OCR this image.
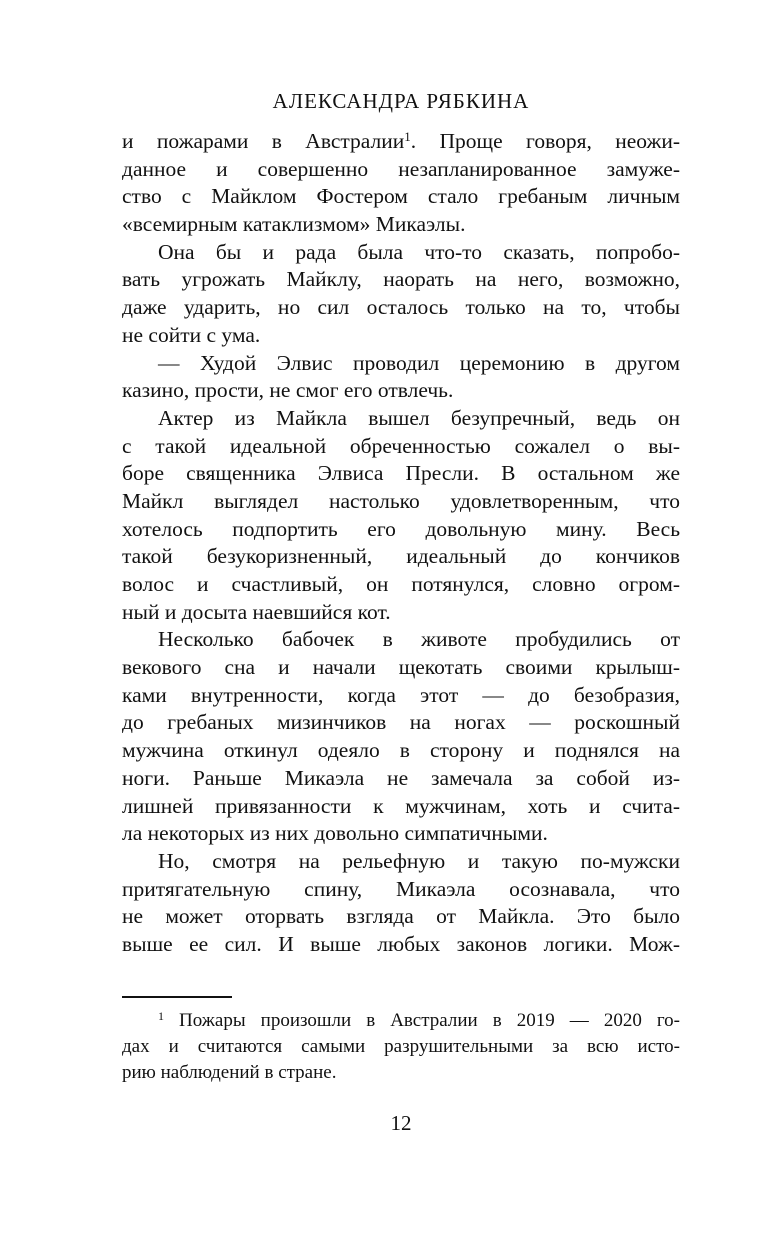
АЛЕКСАНДРА РЯБКИНА
и пожарами в Австралии$^1$. Проще говоря, неожи-
данное и совершенно незапланированное замуже-
ство с Майклом Фостером стало гребаным личным
«всемирным катаклизмом» Микаэлы.
Она бы и рада была что-то сказать, попробо-
вать угрожать Майклу, наорать на него, возможно,
даже ударить, но сил осталось только на то, чтобы
не сойти с ума.
— Худой Элвис проводил церемонию в другом
казино, прости, не смог его отвлечь.
Актер из Майкла вышел безупречный, ведь он
с такой идеальной обреченностью сожалел о вы-
боре священника Элвиса Пресли. В остальном же
Майкл выглядел настолько удовлетворенным, что
хотелось подпортить его довольную мину. Весь
такой безукоризненный, идеальный до кончиков
волос и счастливый, он потянулся, словно огром-
ный и досыта наевшийся кот.
Несколько бабочек в животе пробудились от
векового сна и начали щекотать своими крылыш-
ками внутренности, когда этот — до безобразия,
до гребаных мизинчиков на ногах — роскошный
мужчина откинул одеяло в сторону и поднялся на
ноги. Раньше Микаэла не замечала за собой из-
лишней привязанности к мужчинам, хоть и счита-
ла некоторых из них довольно симпатичными.
Но, смотря на рельефную и такую по-мужски
притягательную спину, Микаэла осознавала, что
не может оторвать взгляда от Майкла. Это было
выше ее сил. И выше любых законов логики. Мож-
$^1$ Пожары произошли в Австралии в 2019 — 2020 го-
дах и считаются самыми разрушительными за всю исто-
рию наблюдений в стране.
12
